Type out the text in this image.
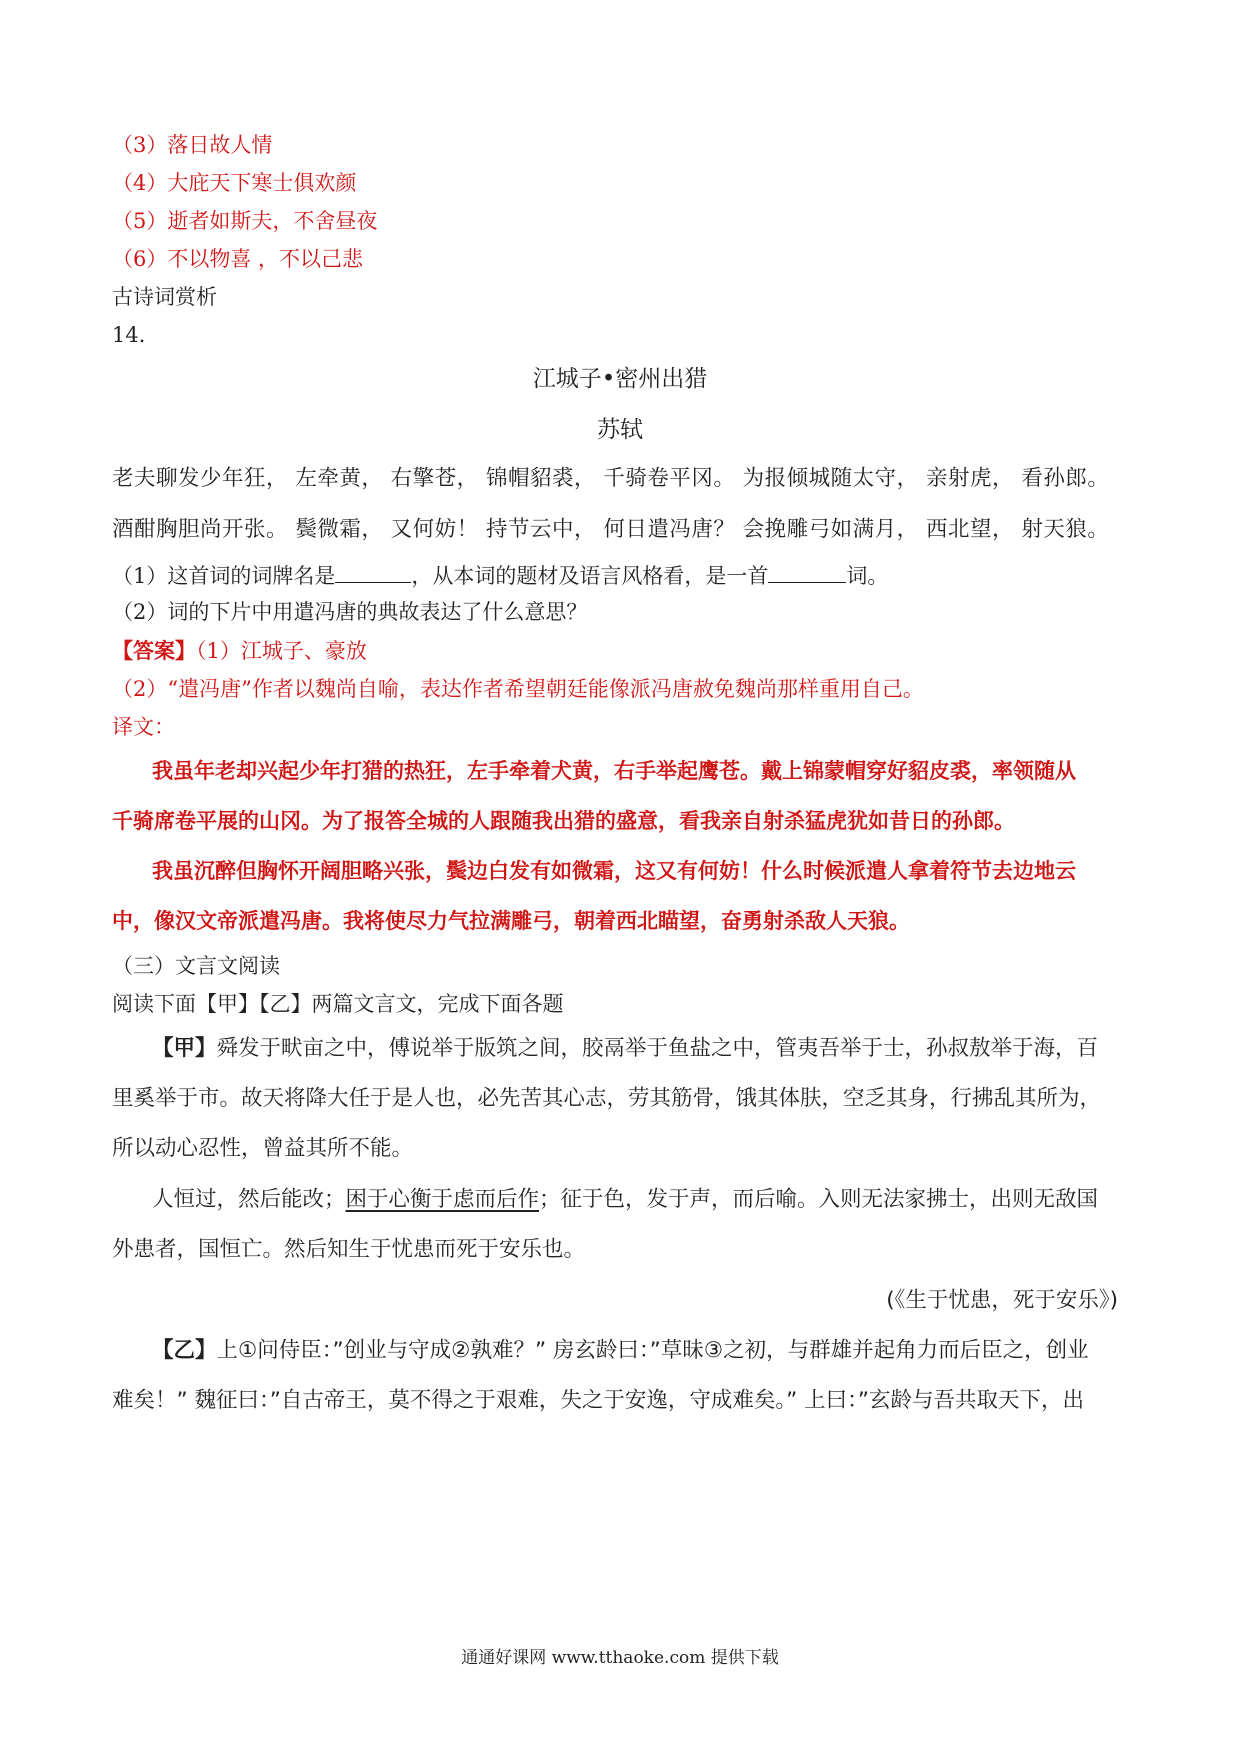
（3）落日故人情
（4）大庇天下寒士俱欢颜
（5）逝者如斯夫，不舍昼夜
（6）不以物喜 ，不以己悲
古诗词赏析
14．
江城子•密州出猎
苏轼
老夫聊发少年狂， 左牵黄， 右擎苍， 锦帽貂裘， 千骑卷平冈。 为报倾城随太守， 亲射虎， 看孙郎。
酒酣胸胆尚开张。 鬓微霜， 又何妨！ 持节云中， 何日遣冯唐？ 会挽雕弓如满月， 西北望， 射天狼。
（1）这首词的词牌名是	，从本词的题材及语言风格看，是一首	词。
（2）词的下片中用遣冯唐的典故表达了什么意思？
【答案】（1）江城子、豪放
（2）“遣冯唐”作者以魏尚自喻，表达作者希望朝廷能像派冯唐赦免魏尚那样重用自己。
译文：
我虽年老却兴起少年打猎的热狂，左手牵着犬黄，右手举起鹰苍。戴上锦蒙帽穿好貂皮裘，率领随从
千骑席卷平展的山冈。为了报答全城的人跟随我出猎的盛意，看我亲自射杀猛虎犹如昔日的孙郎。
我虽沉醉但胸怀开阔胆略兴张，鬓边白发有如微霜，这又有何妨！什么时候派遣人拿着符节去边地云
中，像汉文帝派遣冯唐。我将使尽力气拉满雕弓，朝着西北瞄望，奋勇射杀敌人天狼。
（三）文言文阅读
阅读下面【甲】【乙】两篇文言文，完成下面各题
【甲】舜发于畎亩之中，傅说举于版筑之间，胶鬲举于鱼盐之中，管夷吾举于士，孙叔敖举于海，百
里奚举于市。故天将降大任于是人也，必先苦其心志，劳其筋骨，饿其体肤，空乏其身，行拂乱其所为，
所以动心忍性，曾益其所不能。
人恒过，然后能改；困于心衡于虑而后作；征于色，发于声，而后喻。入则无法家拂士，出则无敌国
外患者，国恒亡。然后知生于忧患而死于安乐也。
(《生于忧患，死于安乐》)
【乙】上①问侍臣：”创业与守成②孰难？” 房玄龄曰：”草昧③之初，与群雄并起角力而后臣之，创业
难矣！” 魏征曰：”自古帝王，莫不得之于艰难，失之于安逸，守成难矣。” 上曰：”玄龄与吾共取天下，出
通通好课网 www.tthaoke.com 提供下载
